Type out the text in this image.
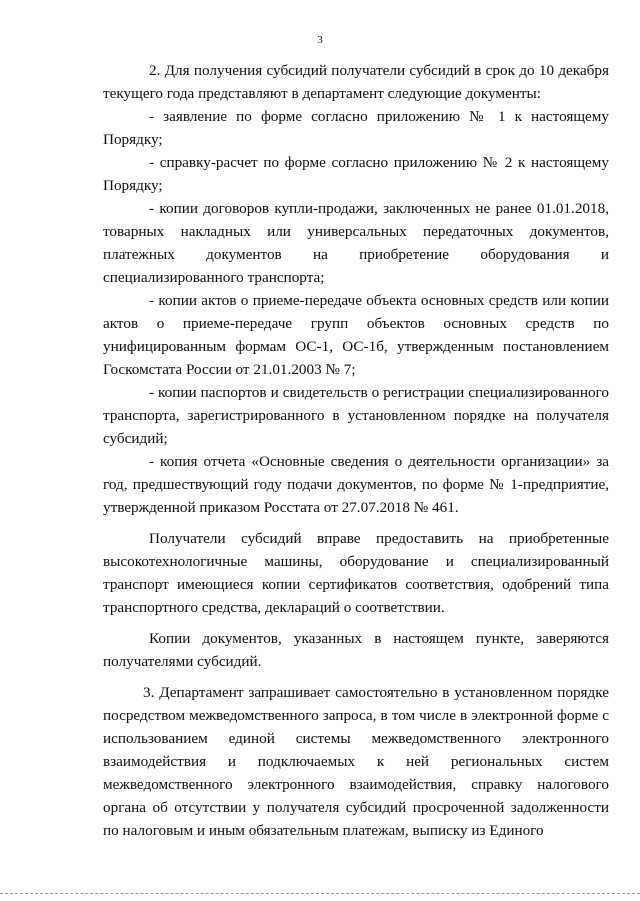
3

2. Для получения субсидий получатели субсидий в срок до 10 декабря текущего года представляют в департамент следующие документы:

- заявление по форме согласно приложению № 1 к настоящему Порядку;

- справку-расчет по форме согласно приложению № 2 к настоящему Порядку;

- копии договоров купли-продажи, заключенных не ранее 01.01.2018, товарных накладных или универсальных передаточных документов, платежных документов на приобретение оборудования и специализированного транспорта;

- копии актов о приеме-передаче объекта основных средств или копии актов о приеме-передаче групп объектов основных средств по унифицированным формам ОС-1, ОС-1б, утвержденным постановлением Госкомстата России от 21.01.2003 № 7;

- копии паспортов и свидетельств о регистрации специализированного транспорта, зарегистрированного в установленном порядке на получателя субсидий;

- копия отчета «Основные сведения о деятельности организации» за год, предшествующий году подачи документов, по форме № 1-предприятие, утвержденной приказом Росстата от 27.07.2018 № 461.

Получатели субсидий вправе предоставить на приобретенные высокотехнологичные машины, оборудование и специализированный транспорт имеющиеся копии сертификатов соответствия, одобрений типа транспортного средства, деклараций о соответствии.

Копии документов, указанных в настоящем пункте, заверяются получателями субсидий.

3. Департамент запрашивает самостоятельно в установленном порядке посредством межведомственного запроса, в том числе в электронной форме с использованием единой системы межведомственного электронного взаимодействия и подключаемых к ней региональных систем межведомственного электронного взаимодействия, справку налогового органа об отсутствии у получателя субсидий просроченной задолженности по налоговым и иным обязательным платежам, выписку из Единого
